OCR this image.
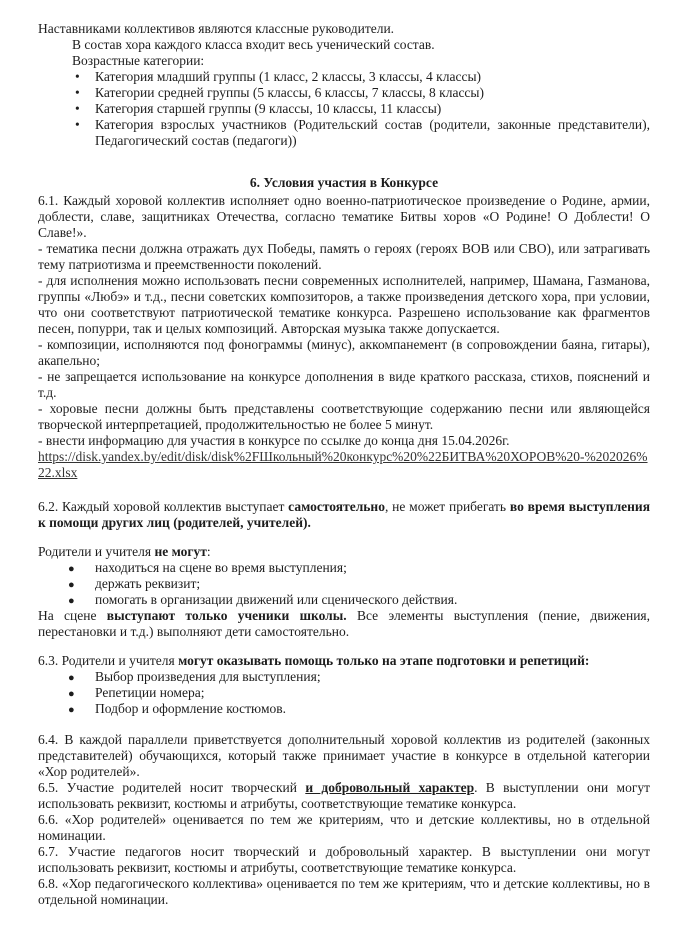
Наставниками коллективов являются классные руководители.

В состав хора каждого класса входит весь ученический состав.

Возрастные категории:

• Категория младший группы (1 класс, 2 классы, 3 классы, 4 классы)
• Категории средней группы (5 классы, 6 классы, 7 классы, 8 классы)
• Категория старшей группы (9 классы, 10 классы, 11 классы)
• Категория взрослых участников (Родительский состав (родители, законные представители), Педагогический состав (педагоги))

6. Условия участия в Конкурсе

6.1. Каждый хоровой коллектив исполняет одно военно-патриотическое произведение о Родине, армии, доблести, славе, защитниках Отечества, согласно тематике Битвы хоров «О Родине! О Доблести! О Славе!».

- тематика песни должна отражать дух Победы, память о героях (героях ВОВ или СВО), или затрагивать тему патриотизма и преемственности поколений.

- для исполнения можно использовать песни современных исполнителей, например, Шамана, Газманова, группы «Любэ» и т.д., песни советских композиторов, а также произведения детского хора, при условии, что они соответствуют патриотической тематике конкурса. Разрешено использование как фрагментов песен, попурри, так и целых композиций. Авторская музыка также допускается.

- композиции, исполняются под фонограммы (минус), аккомпанемент (в сопровождении баяна, гитары), акапельно;

- не запрещается использование на конкурсе дополнения в виде краткого рассказа, стихов, пояснений и т.д.

- хоровые песни должны быть представлены соответствующие содержанию песни или являющейся творческой интерпретацией, продолжительностью не более 5 минут.

- внести информацию для участия в конкурсе по ссылке до конца дня 15.04.2026г.

https://disk.yandex.by/edit/disk/disk%2FШкольный%20конкурс%20%22БИТВА%20ХОРОВ%20-%202026%22.xlsx

6.2. Каждый хоровой коллектив выступает самостоятельно, не может прибегать во время выступления к помощи других лиц (родителей, учителей).

Родители и учителя не могут:

● находиться на сцене во время выступления;
● держать реквизит;
● помогать в организации движений или сценического действия.

На сцене выступают только ученики школы. Все элементы выступления (пение, движения, перестановки и т.д.) выполняют дети самостоятельно.

6.3. Родители и учителя могут оказывать помощь только на этапе подготовки и репетиций:

● Выбор произведения для выступления;
● Репетиции номера;
● Подбор и оформление костюмов.

6.4. В каждой параллели приветствуется дополнительный хоровой коллектив из родителей (законных представителей) обучающихся, который также принимает участие в конкурсе в отдельной категории «Хор родителей».

6.5. Участие родителей носит творческий и добровольный характер. В выступлении они могут использовать реквизит, костюмы и атрибуты, соответствующие тематике конкурса.

6.6. «Хор родителей» оценивается по тем же критериям, что и детские коллективы, но в отдельной номинации.

6.7. Участие педагогов носит творческий и добровольный характер. В выступлении они могут использовать реквизит, костюмы и атрибуты, соответствующие тематике конкурса.

6.8. «Хор педагогического коллектива» оценивается по тем же критериям, что и детские коллективы, но в отдельной номинации.
